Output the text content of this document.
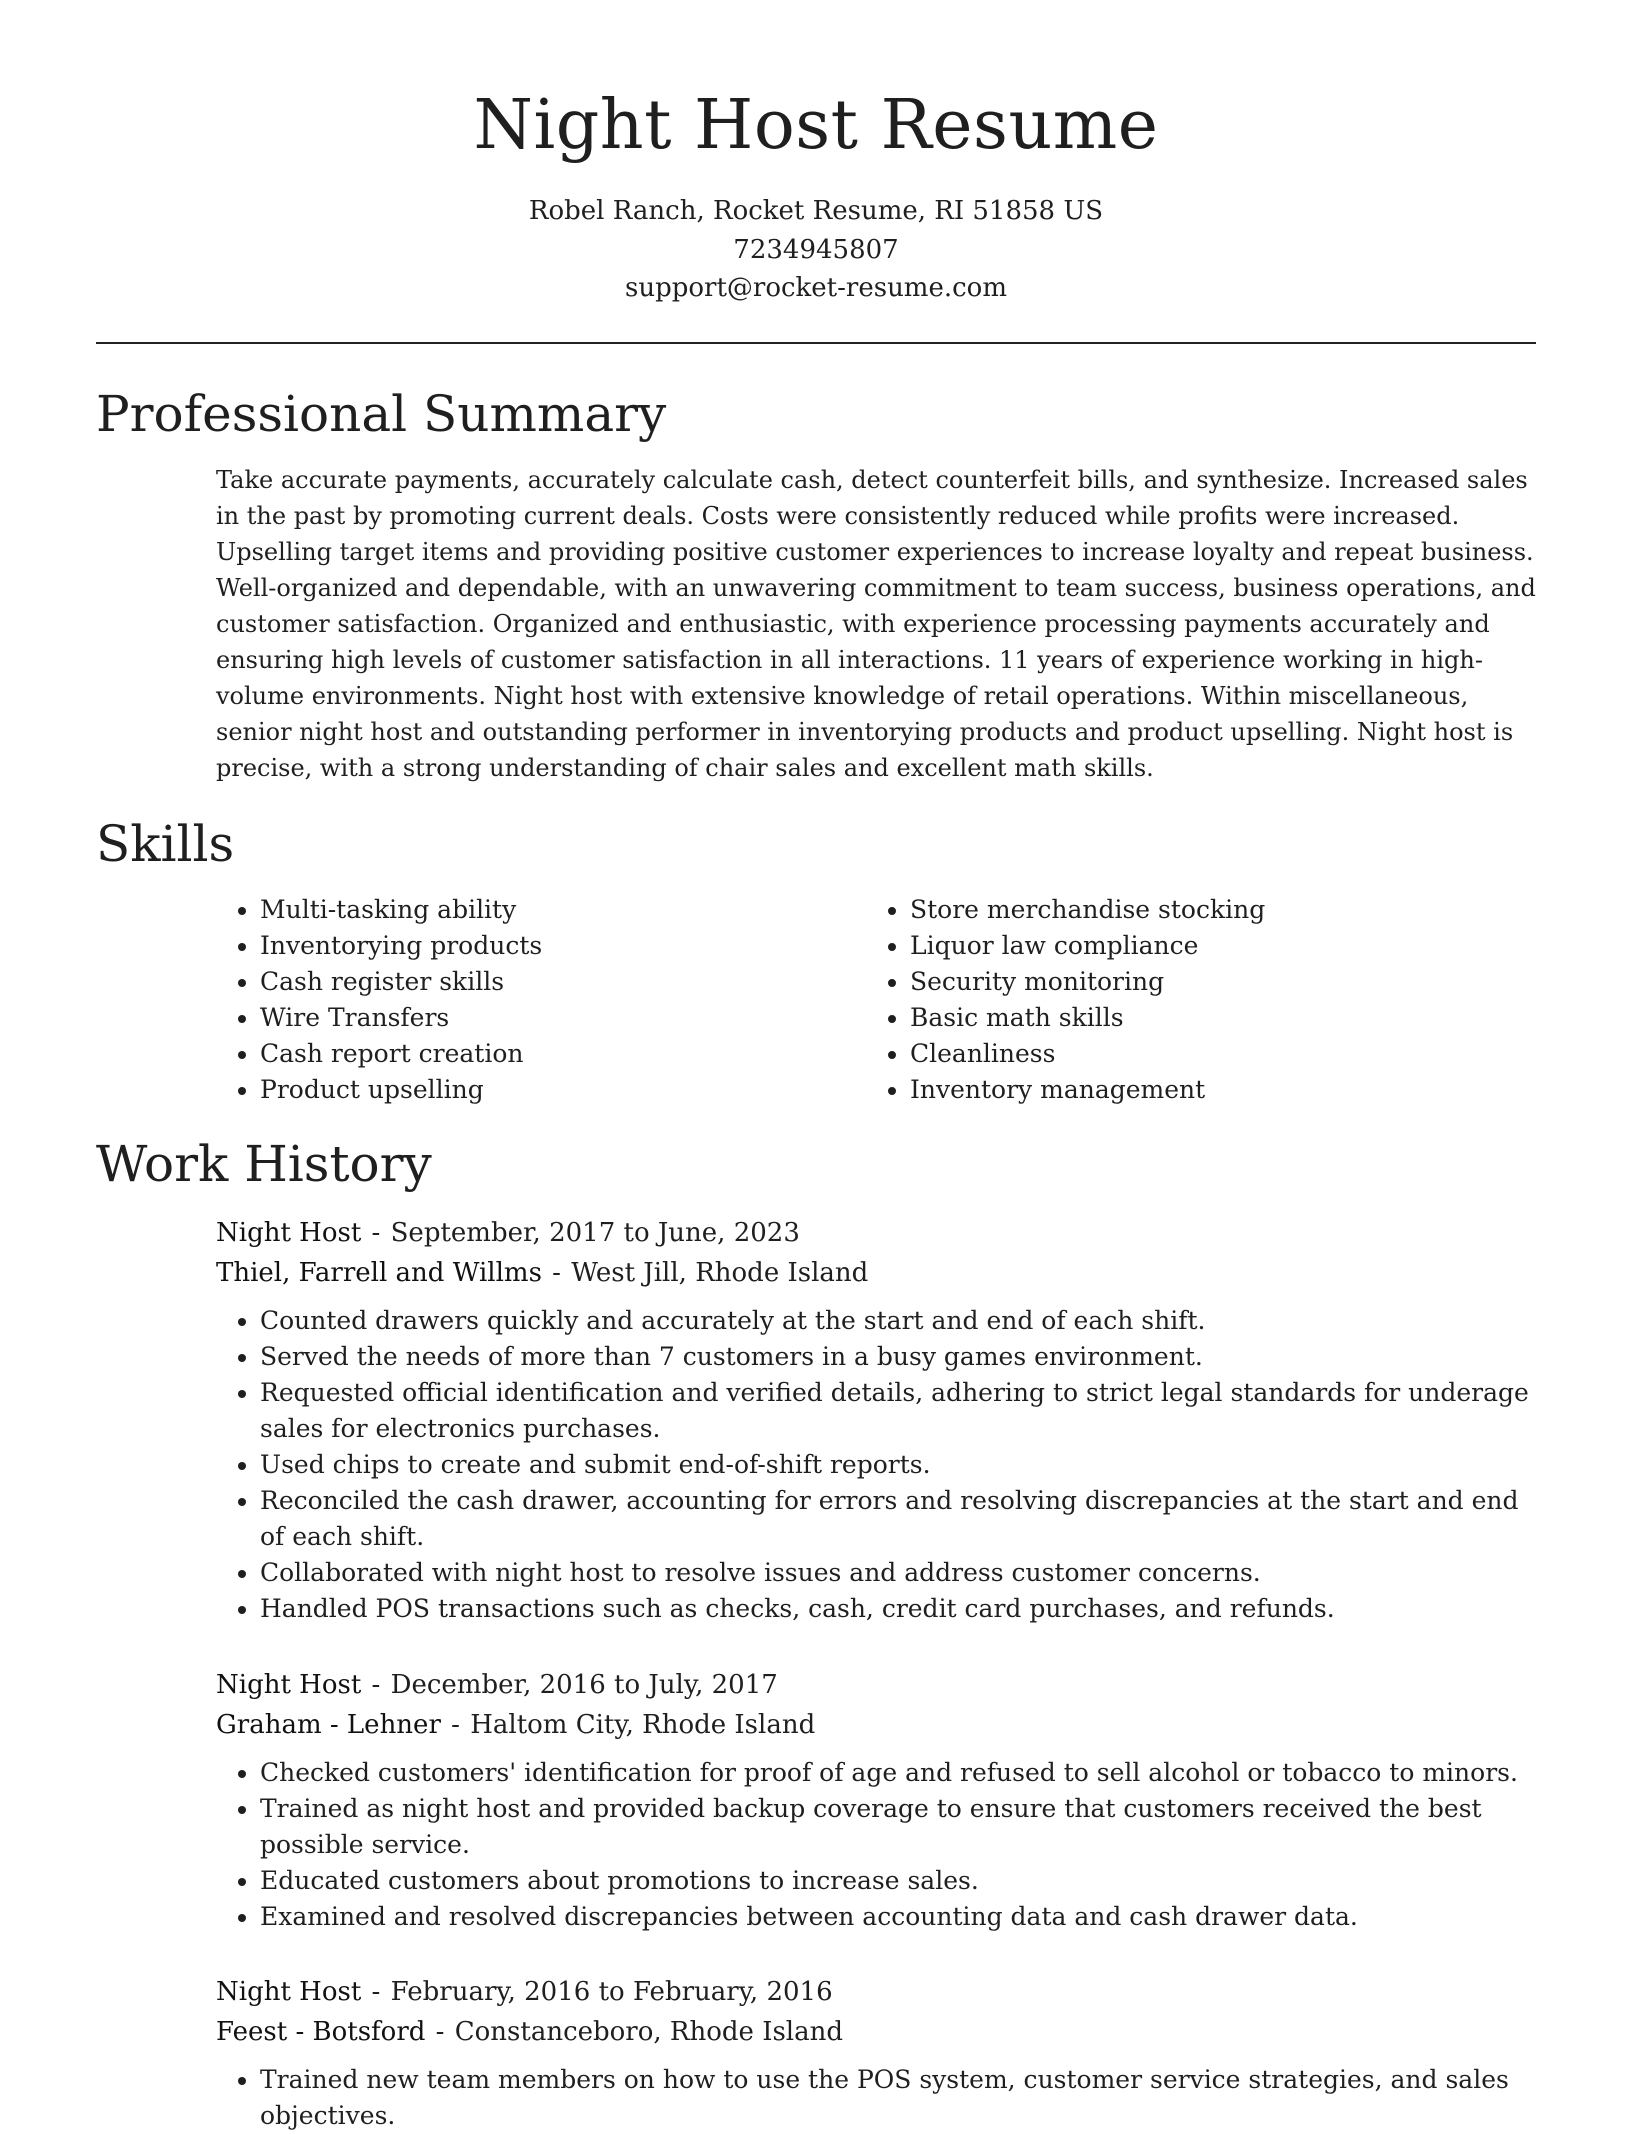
Night Host Resume
Robel Ranch, Rocket Resume, RI 51858 US
7234945807
support@rocket-resume.com
Professional Summary

Take accurate payments, accurately calculate cash, detect counterfeit bills, and synthesize. Increased sales in the past by promoting current deals. Costs were consistently reduced while profits were increased. Upselling target items and providing positive customer experiences to increase loyalty and repeat business. Well-organized and dependable, with an unwavering commitment to team success, business operations, and customer satisfaction. Organized and enthusiastic, with experience processing payments accurately and ensuring high levels of customer satisfaction in all interactions. 11 years of experience working in high-volume environments. Night host with extensive knowledge of retail operations. Within miscellaneous, senior night host and outstanding performer in inventorying products and product upselling. Night host is precise, with a strong understanding of chair sales and excellent math skills.

Skills
• Multi-tasking ability
• Inventorying products
• Cash register skills
• Wire Transfers
• Cash report creation
• Product upselling
• Store merchandise stocking
• Liquor law compliance
• Security monitoring
• Basic math skills
• Cleanliness
• Inventory management
Work History
Night Host - September, 2017 to June, 2023
Thiel, Farrell and Willms - West Jill, Rhode Island
• Counted drawers quickly and accurately at the start and end of each shift.
• Served the needs of more than 7 customers in a busy games environment.
• Requested official identification and verified details, adhering to strict legal standards for underage sales for electronics purchases.
• Used chips to create and submit end-of-shift reports.
• Reconciled the cash drawer, accounting for errors and resolving discrepancies at the start and end of each shift.
• Collaborated with night host to resolve issues and address customer concerns.
• Handled POS transactions such as checks, cash, credit card purchases, and refunds.
Night Host - December, 2016 to July, 2017
Graham - Lehner - Haltom City, Rhode Island
• Checked customers' identification for proof of age and refused to sell alcohol or tobacco to minors.
• Trained as night host and provided backup coverage to ensure that customers received the best possible service.
• Educated customers about promotions to increase sales.
• Examined and resolved discrepancies between accounting data and cash drawer data.
Night Host - February, 2016 to February, 2016
Feest - Botsford - Constanceboro, Rhode Island
• Trained new team members on how to use the POS system, customer service strategies, and sales objectives.
